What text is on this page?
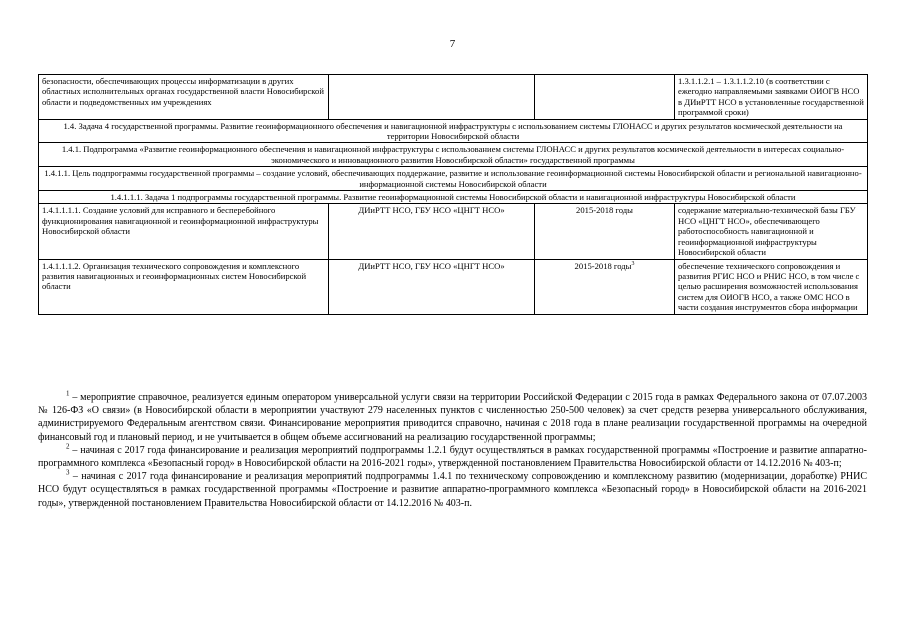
7
безопасности, обеспечивающих процессы информатизации в других областных исполнительных органах государственной власти Новосибирской области и подведомственных им учреждениях			1.3.1.1.2.1 – 1.3.1.1.2.10 (в соответствии с ежегодно направляемыми заявками ОИОГВ НСО в ДИиРТТ НСО в установленные государственной программой сроки)
1.4. Задача 4 государственной программы. Развитие геоинформационного обеспечения и навигационной инфраструктуры с использованием системы ГЛОНАСС и других результатов космической деятельности на территории Новосибирской области			
1.4.1. Подпрограмма «Развитие геоинформационного обеспечения и навигационной инфраструктуры с использованием системы ГЛОНАСС и других результатов космической деятельности в интересах социально-экономического и инновационного развития Новосибирской области» государственной программы			
1.4.1.1. Цель подпрограммы государственной программы – создание условий, обеспечивающих поддержание, развитие и использование геоинформационной системы Новосибирской области и региональной навигационно-информационной системы Новосибирской области			
1.4.1.1.1. Задача 1 подпрограммы государственной программы. Развитие геоинформационной системы Новосибирской области и навигационной инфраструктуры Новосибирской области			
1.4.1.1.1.1. Создание условий для исправного и бесперебойного функционирования навигационной и геоинформационной инфраструктуры Новосибирской области	ДИиРТТ НСО, ГБУ НСО «ЦНГТ НСО»	2015-2018 годы	содержание материально-технической базы ГБУ НСО «ЦНГТ НСО», обеспечивающего работоспособность навигационной и геоинформационной инфраструктуры Новосибирской области
1.4.1.1.1.2. Организация технического сопровождения и комплексного развития навигационных и геоинформационных систем Новосибирской области	ДИиРТТ НСО, ГБУ НСО «ЦНГТ НСО»	2015-2018 годы$^3$	обеспечение технического сопровождения и развития РГИС НСО и РНИС НСО, в том числе с целью расширения возможностей использования систем для ОИОГВ НСО, а также ОМС НСО в части создания инструментов сбора информации

$^1$ – мероприятие справочное, реализуется единым оператором универсальной услуги связи на территории Российской Федерации с 2015 года в рамках Федерального закона от 07.07.2003 № 126-ФЗ «О связи» (в Новосибирской области в мероприятии участвуют 279 населенных пунктов с численностью 250-500 человек) за счет средств резерва универсального обслуживания, администрируемого Федеральным агентством связи. Финансирование мероприятия приводится справочно, начиная с 2018 года в плане реализации государственной программы на очередной финансовый год и плановый период, и не учитывается в общем объеме ассигнований на реализацию государственной программы;

$^2$ – начиная с 2017 года финансирование и реализация мероприятий подпрограммы 1.2.1 будут осуществляться в рамках государственной программы «Построение и развитие аппаратно-программного комплекса «Безопасный город» в Новосибирской области на 2016-2021 годы», утвержденной постановлением Правительства Новосибирской области от 14.12.2016 № 403-п;

$^3$ – начиная с 2017 года финансирование и реализация мероприятий подпрограммы 1.4.1 по техническому сопровождению и комплексному развитию (модернизации, доработке) РНИС НСО будут осуществляться в рамках государственной программы «Построение и развитие аппаратно-программного комплекса «Безопасный город» в Новосибирской области на 2016-2021 годы», утвержденной постановлением Правительства Новосибирской области от 14.12.2016 № 403-п.
